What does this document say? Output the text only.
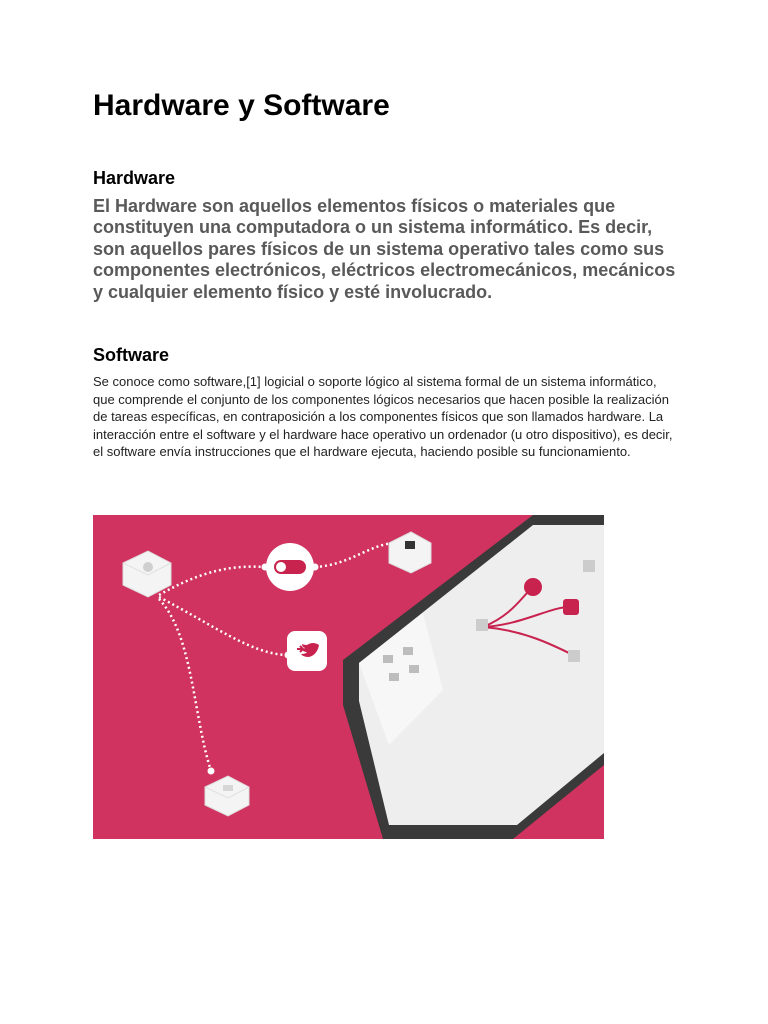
Hardware y Software
Hardware

El Hardware son aquellos elementos físicos o materiales que constituyen una computadora o un sistema informático. Es decir, son aquellos pares físicos de un sistema operativo tales como sus componentes electrónicos, eléctricos electromecánicos, mecánicos y cualquier elemento físico y esté involucrado.

Software

Se conoce como software,[1] logicial o soporte lógico al sistema formal de un sistema informático, que comprende el conjunto de los componentes lógicos necesarios que hacen posible la realización de tareas específicas, en contraposición a los componentes físicos que son llamados hardware. La interacción entre el software y el hardware hace operativo un ordenador (u otro dispositivo), es decir, el software envía instrucciones que el hardware ejecuta, haciendo posible su funcionamiento.
